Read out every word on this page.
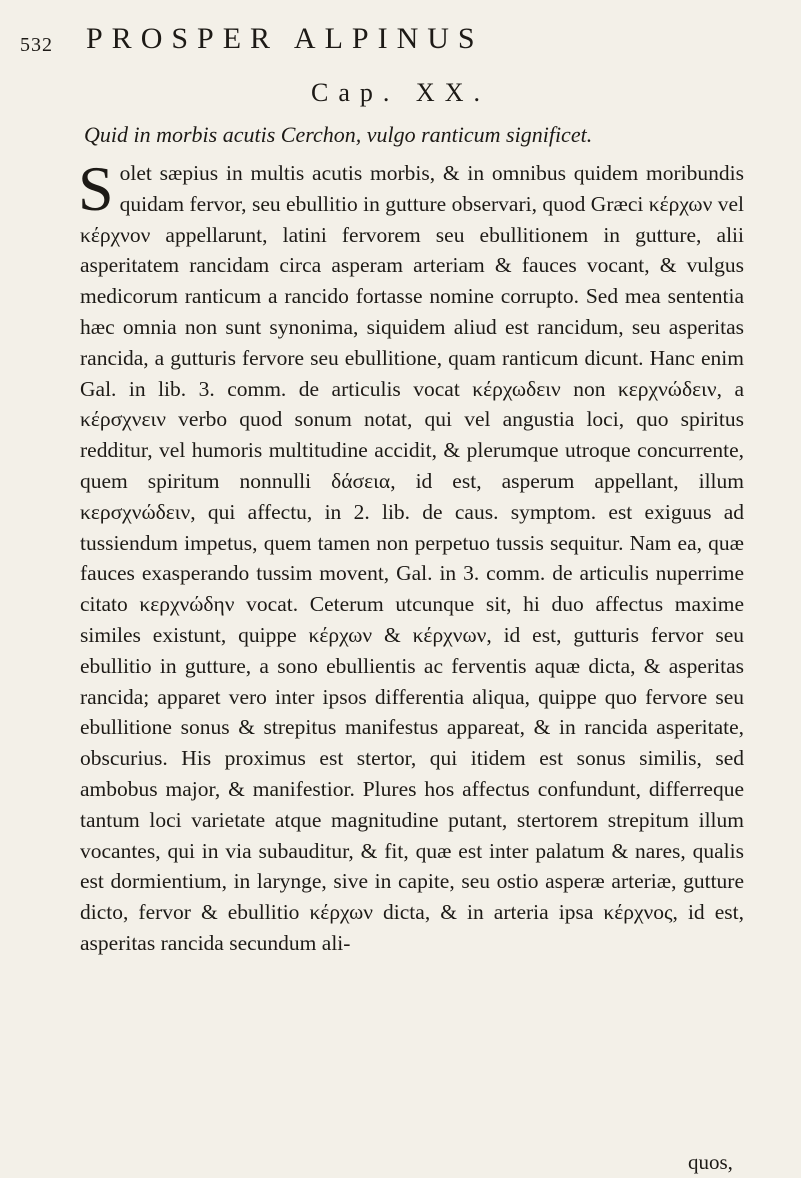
532 PROSPER ALPINUS
Cap. XX.
Quid in morbis acutis Cerchon, vulgo ranticum significet.

Solet sæpius in multis acutis morbis, & in omnibus quidem moribundis quidam fervor, seu ebullitio in gutture observari, quod Græci κέρχων vel κέρχνον appellarunt, latini fervorem seu ebullitionem in gutture, alii asperitatem rancidam circa asperam arteriam & fauces vocant, & vulgus medicorum ranticum a rancido fortasse nomine corrupto. Sed mea sententia hæc omnia non sunt synonima, siquidem aliud est rancidum, seu asperitas rancida, a gutturis fervore seu ebullitione, quam ranticum dicunt. Hanc enim Gal. in lib. 3. comm. de articulis vocat κέρχωδειν non κερχνώδειν, a κέρσχνειν verbo quod sonum notat, qui vel angustia loci, quo spiritus redditur, vel humoris multitudine accidit, & plerumque utroque concurrente, quem spiritum nonnulli δάσεια, id est, asperum appellant, illum κερσχνώδειν, qui affectu, in 2. lib. de caus. symptom. est exiguus ad tussiendum impetus, quem tamen non perpetuo tussis sequitur. Nam ea, quæ fauces exasperando tussim movent, Gal. in 3. comm. de articulis nuperrime citato κερχνώδην vocat. Ceterum utcunque sit, hi duo affectus maxime similes existunt, quippe κέρχων & κέρχνων, id est, gutturis fervor seu ebullitio in gutture, a sono ebullientis ac ferventis aquæ dicta, & asperitas rancida; apparet vero inter ipsos differentia aliqua, quippe quo fervore seu ebullitione sonus & strepitus manifestus appareat, & in rancida asperitate, obscurius. His proximus est stertor, qui itidem est sonus similis, sed ambobus major, & manifestior. Plures hos affectus confundunt, differreque tantum loci varietate atque magnitudine putant, stertorem strepitum illum vocantes, qui in via subauditur, & fit, quæ est inter palatum & nares, qualis est dormientium, in larynge, sive in capite, seu ostio asperæ arteriæ, gutture dicto, fervor & ebullitio κέρχων dicta, & in arteria ipsa κέρχνος, id est, asperitas rancida secundum ali-

quos,
